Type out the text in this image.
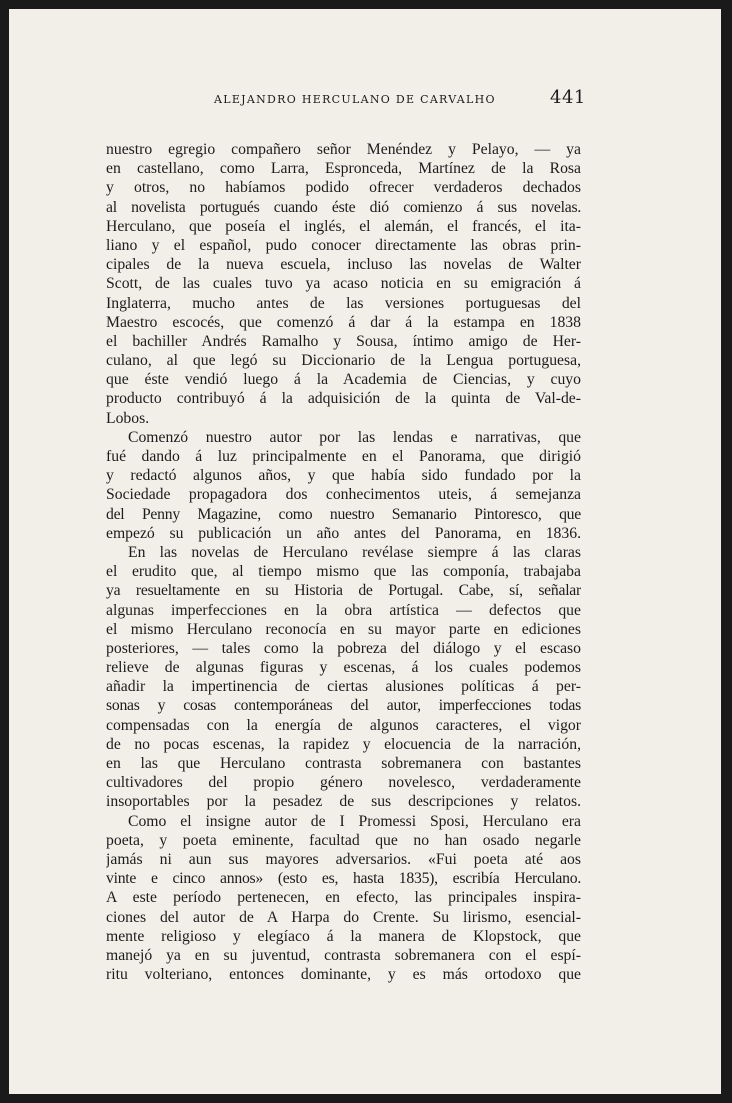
ALEJANDRO HERCULANO DE CARVALHO	441
nuestro egregio compañero señor Menéndez y Pelayo, — ya
en castellano, como Larra, Espronceda, Martínez de la Rosa
y otros, no habíamos podido ofrecer verdaderos dechados
al novelista portugués cuando éste dió comienzo á sus novelas.
Herculano, que poseía el inglés, el alemán, el francés, el ita-
liano y el español, pudo conocer directamente las obras prin-
cipales de la nueva escuela, incluso las novelas de Walter
Scott, de las cuales tuvo ya acaso noticia en su emigración á
Inglaterra, mucho antes de las versiones portuguesas del
Maestro escocés, que comenzó á dar á la estampa en 1838
el bachiller Andrés Ramalho y Sousa, íntimo amigo de Her-
culano, al que legó su Diccionario de la Lengua portuguesa,
que éste vendió luego á la Academia de Ciencias, y cuyo
producto contribuyó á la adquisición de la quinta de Val-de-
Lobos.
Comenzó nuestro autor por las lendas e narrativas, que
fué dando á luz principalmente en el Panorama, que dirigió
y redactó algunos años, y que había sido fundado por la
Sociedade propagadora dos conhecimentos uteis, á semejanza
del Penny Magazine, como nuestro Semanario Pintoresco, que
empezó su publicación un año antes del Panorama, en 1836.
En las novelas de Herculano revélase siempre á las claras
el erudito que, al tiempo mismo que las componía, trabajaba
ya resueltamente en su Historia de Portugal. Cabe, sí, señalar
algunas imperfecciones en la obra artística — defectos que
el mismo Herculano reconocía en su mayor parte en ediciones
posteriores, — tales como la pobreza del diálogo y el escaso
relieve de algunas figuras y escenas, á los cuales podemos
añadir la impertinencia de ciertas alusiones políticas á per-
sonas y cosas contemporáneas del autor, imperfecciones todas
compensadas con la energía de algunos caracteres, el vigor
de no pocas escenas, la rapidez y elocuencia de la narración,
en las que Herculano contrasta sobremanera con bastantes
cultivadores del propio género novelesco, verdaderamente
insoportables por la pesadez de sus descripciones y relatos.
Como el insigne autor de I Promessi Sposi, Herculano era
poeta, y poeta eminente, facultad que no han osado negarle
jamás ni aun sus mayores adversarios. «Fui poeta até aos
vinte e cinco annos» (esto es, hasta 1835), escribía Herculano.
A este período pertenecen, en efecto, las principales inspira-
ciones del autor de A Harpa do Crente. Su lirismo, esencial-
mente religioso y elegíaco á la manera de Klopstock, que
manejó ya en su juventud, contrasta sobremanera con el espí-
ritu volteriano, entonces dominante, y es más ortodoxo que
